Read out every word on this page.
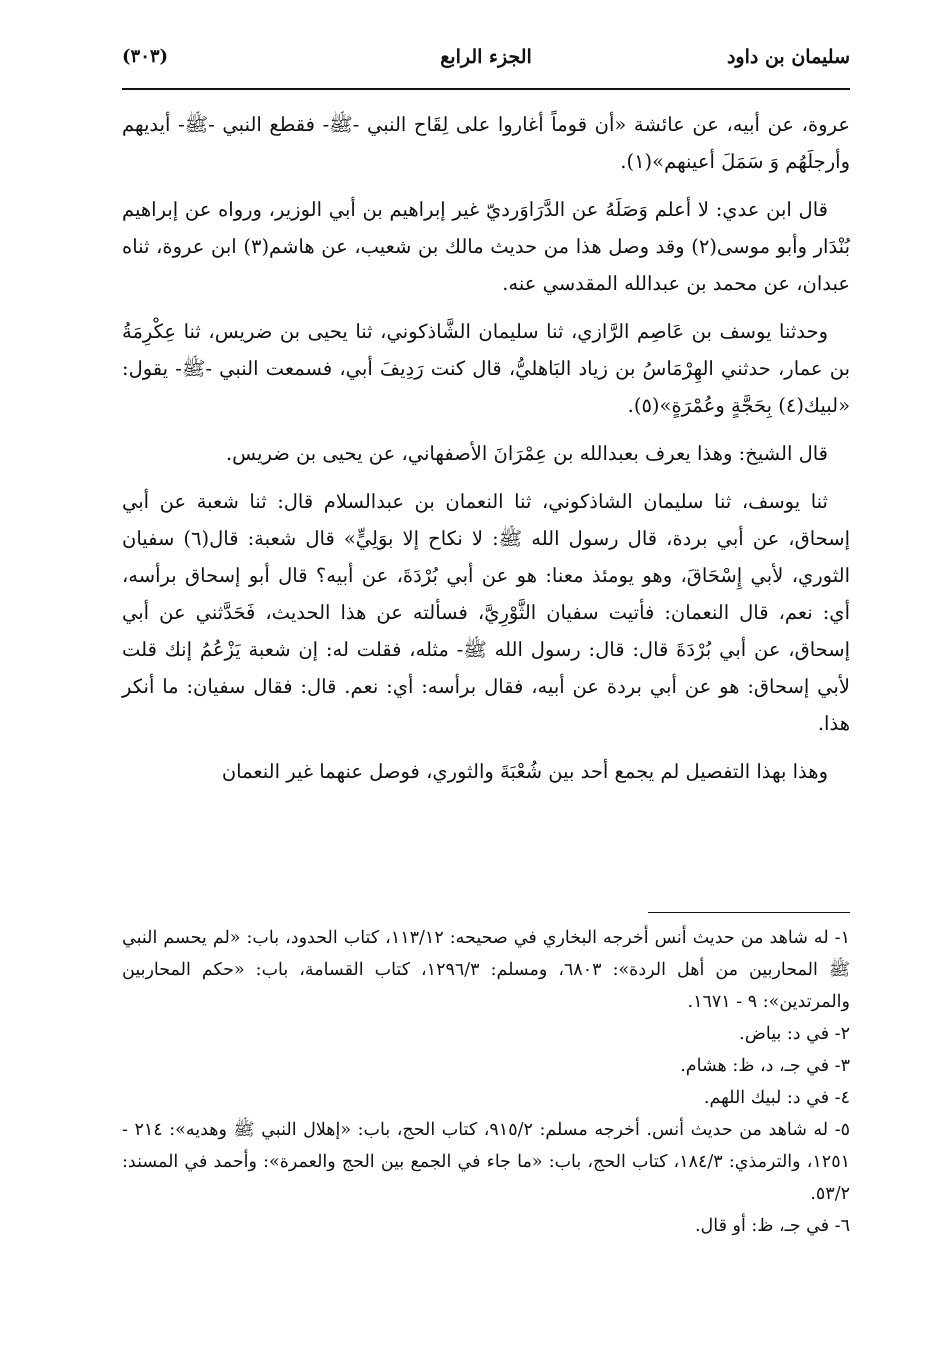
سليمان بن داود
الجزء الرابع
(٣٠٣)

عروة، عن أبيه، عن عائشة «أن قوماً أغاروا على لِقَاح النبي -ﷺ- فقطع النبي -ﷺ- أيديهم وأرجلَهُم وَ سَمَلَ أعينهم»(١).

قال ابن عدي: لا أعلم وَصَلَهُ عن الدَّرَاوَرديّ غير إبراهيم بن أبي الوزير، ورواه عن إبراهيم بُنْدَار وأبو موسى(٢) وقد وصل هذا من حديث مالك بن شعيب، عن هاشم(٣) ابن عروة، ثناه عبدان، عن محمد بن عبدالله المقدسي عنه.

وحدثنا يوسف بن عَاصِم الرَّازي، ثنا سليمان الشَّاذكوني، ثنا يحيى بن ضريس، ثنا عِكْرِمَةُ بن عمار، حدثني الهِرْمَاسُ بن زياد البَاهليُّ، قال كنت رَدِيفَ أبي، فسمعت النبي -ﷺ- يقول: «لبيك(٤) بِحَجَّةٍ وعُمْرَةٍ»(٥).

قال الشيخ: وهذا يعرف بعبدالله بن عِمْرَانَ الأصفهاني، عن يحيى بن ضريس.

ثنا يوسف، ثنا سليمان الشاذكوني، ثنا النعمان بن عبدالسلام قال: ثنا شعبة عن أبي إسحاق، عن أبي بردة، قال رسول الله ﷺ: لا نكاح إلا بوَلِيٍّ» قال شعبة: قال(٦) سفيان الثوري، لأبي إِسْحَاقَ، وهو يومئذ معنا: هو عن أبي بُرْدَةَ، عن أبيه؟ قال أبو إسحاق برأسه، أي: نعم، قال النعمان: فأتيت سفيان الثَّوْرِيَّ، فسألته عن هذا الحديث، فَحَدَّثني عن أبي إسحاق، عن أبي بُرْدَةَ قال: قال: رسول الله ﷺ- مثله، فقلت له: إن شعبة يَزْعُمُ إنك قلت لأبي إسحاق: هو عن أبي بردة عن أبيه، فقال برأسه: أي: نعم. قال: فقال سفيان: ما أنكر هذا.

وهذا بهذا التفصيل لم يجمع أحد بين شُعْبَةَ والثوري، فوصل عنهما غير النعمان

١- له شاهد من حديث أنس أخرجه البخاري في صحيحه: ١١٣/١٢، كتاب الحدود، باب: «لم يحسم النبي ﷺ المحاربين من أهل الردة»: ٦٨٠٣، ومسلم: ١٢٩٦/٣، كتاب القسامة، باب: «حكم المحاربين والمرتدين»: ٩ - ١٦٧١.

٢- في د: بياض.

٣- في جـ، د، ظ: هشام.

٤- في د: لبيك اللهم.

٥- له شاهد من حديث أنس. أخرجه مسلم: ٩١٥/٢، كتاب الحج، باب: «إهلال النبي ﷺ وهديه»: ٢١٤ - ١٢٥١، والترمذي: ١٨٤/٣، كتاب الحج، باب: «ما جاء في الجمع بين الحج والعمرة»: وأحمد في المسند: ٥٣/٢.

٦- في جـ، ظ: أو قال.
